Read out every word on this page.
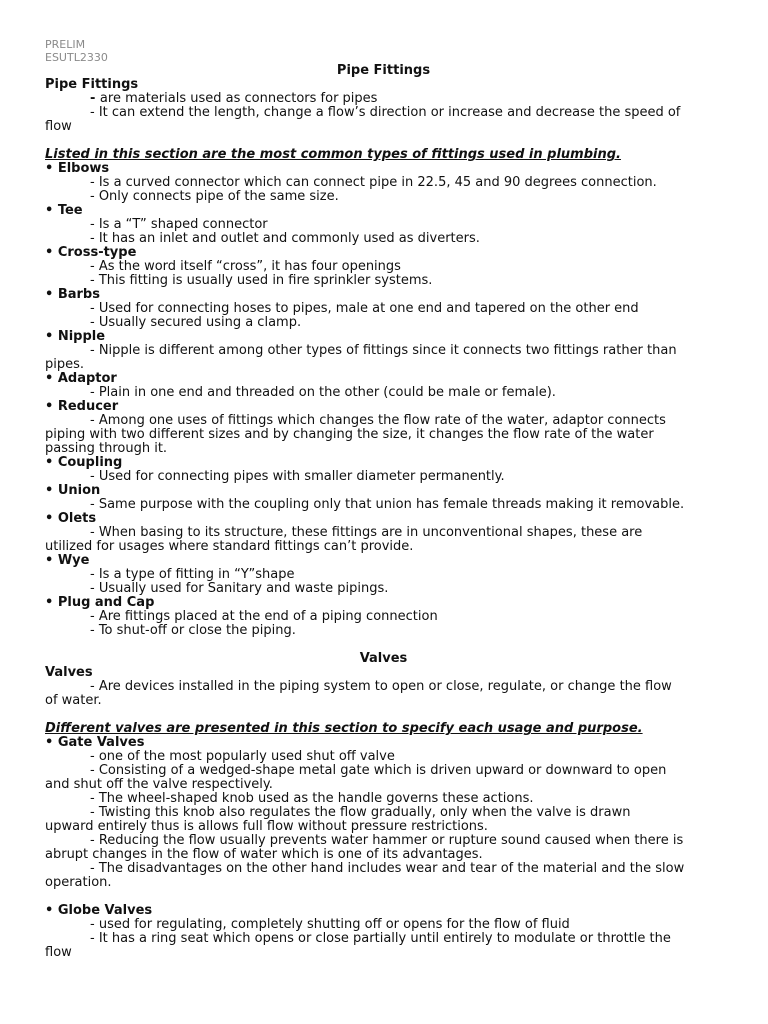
PRELIM
ESUTL2330
Pipe Fittings
Pipe Fittings
- are materials used as connectors for pipes
- It can extend the length, change a flow’s direction or increase and decrease the speed of
flow
Listed in this section are the most common types of fittings used in plumbing.
• Elbows
- Is a curved connector which can connect pipe in 22.5, 45 and 90 degrees connection.
- Only connects pipe of the same size.
• Tee
- Is a “T” shaped connector
- It has an inlet and outlet and commonly used as diverters.
• Cross-type
- As the word itself “cross”, it has four openings
- This fitting is usually used in fire sprinkler systems.
• Barbs
- Used for connecting hoses to pipes, male at one end and tapered on the other end
- Usually secured using a clamp.
• Nipple
- Nipple is different among other types of fittings since it connects two fittings rather than
pipes.
• Adaptor
- Plain in one end and threaded on the other (could be male or female).
• Reducer
- Among one uses of fittings which changes the flow rate of the water, adaptor connects
piping with two different sizes and by changing the size, it changes the flow rate of the water
passing through it.
• Coupling
- Used for connecting pipes with smaller diameter permanently.
• Union
- Same purpose with the coupling only that union has female threads making it removable.
• Olets
- When basing to its structure, these fittings are in unconventional shapes, these are
utilized for usages where standard fittings can’t provide.
• Wye
- Is a type of fitting in “Y”shape
- Usually used for Sanitary and waste pipings.
• Plug and Cap
- Are fittings placed at the end of a piping connection
- To shut-off or close the piping.
Valves
Valves
- Are devices installed in the piping system to open or close, regulate, or change the flow
of water.
Different valves are presented in this section to specify each usage and purpose.
• Gate Valves
- one of the most popularly used shut off valve
- Consisting of a wedged-shape metal gate which is driven upward or downward to open
and shut off the valve respectively.
- The wheel-shaped knob used as the handle governs these actions.
- Twisting this knob also regulates the flow gradually, only when the valve is drawn
upward entirely thus is allows full flow without pressure restrictions.
- Reducing the flow usually prevents water hammer or rupture sound caused when there is
abrupt changes in the flow of water which is one of its advantages.
- The disadvantages on the other hand includes wear and tear of the material and the slow
operation.
• Globe Valves
- used for regulating, completely shutting off or opens for the flow of fluid
- It has a ring seat which opens or close partially until entirely to modulate or throttle the
flow
